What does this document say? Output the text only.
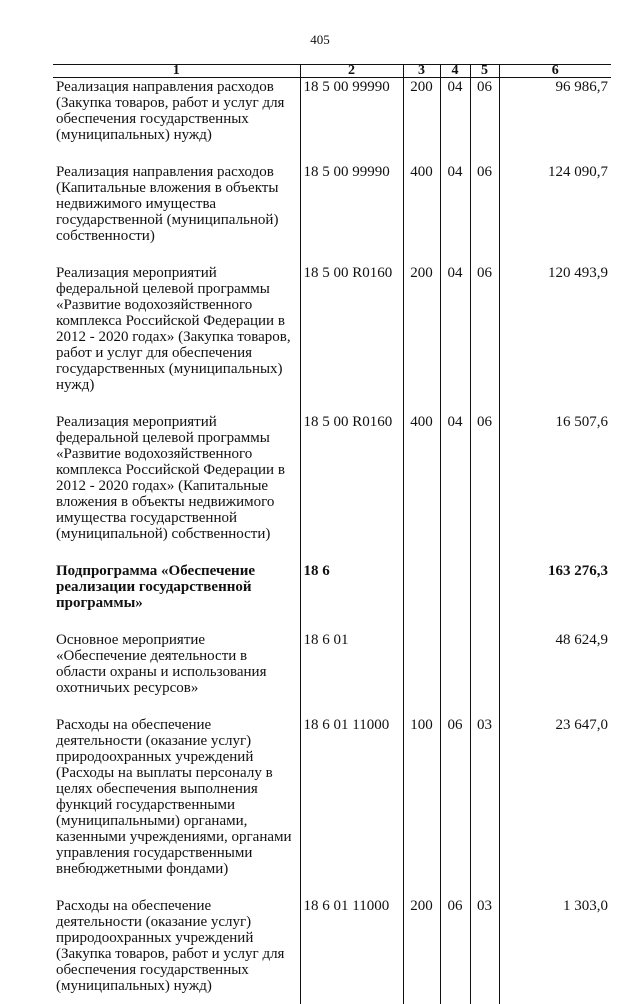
405
1	2	3	4	5	6
Реализация направления расходов (Закупка товаров, работ и услуг для обеспечения государственных (муниципальных) нужд)	18 5 00 99990	200	04	06	96 986,7

Реализация направления расходов (Капитальные вложения в объекты недвижимого имущества государственной (муниципальной) собственности)	18 5 00 99990	400	04	06	124 090,7

Реализация мероприятий федеральной целевой программы «Развитие водохозяйственного комплекса Российской Федерации в 2012 - 2020 годах» (Закупка товаров, работ и услуг для обеспечения государственных (муниципальных) нужд)	18 5 00 R0160	200	04	06	120 493,9

Реализация мероприятий федеральной целевой программы «Развитие водохозяйственного комплекса Российской Федерации в 2012 - 2020 годах» (Капитальные вложения в объекты недвижимого имущества государственной (муниципальной) собственности)	18 5 00 R0160	400	04	06	16 507,6

Подпрограмма «Обеспечение реализации государственной программы»	18 6				163 276,3

Основное мероприятие «Обеспечение деятельности в области охраны и использования охотничьих ресурсов»	18 6 01				48 624,9

Расходы на обеспечение деятельности (оказание услуг) природоохранных учреждений (Расходы на выплаты персоналу в целях обеспечения выполнения функций государственными (муниципальными) органами, казенными учреждениями, органами управления государственными внебюджетными фондами)	18 6 01 11000	100	06	03	23 647,0

Расходы на обеспечение деятельности (оказание услуг) природоохранных учреждений (Закупка товаров, работ и услуг для обеспечения государственных (муниципальных) нужд)	18 6 01 11000	200	06	03	1 303,0
